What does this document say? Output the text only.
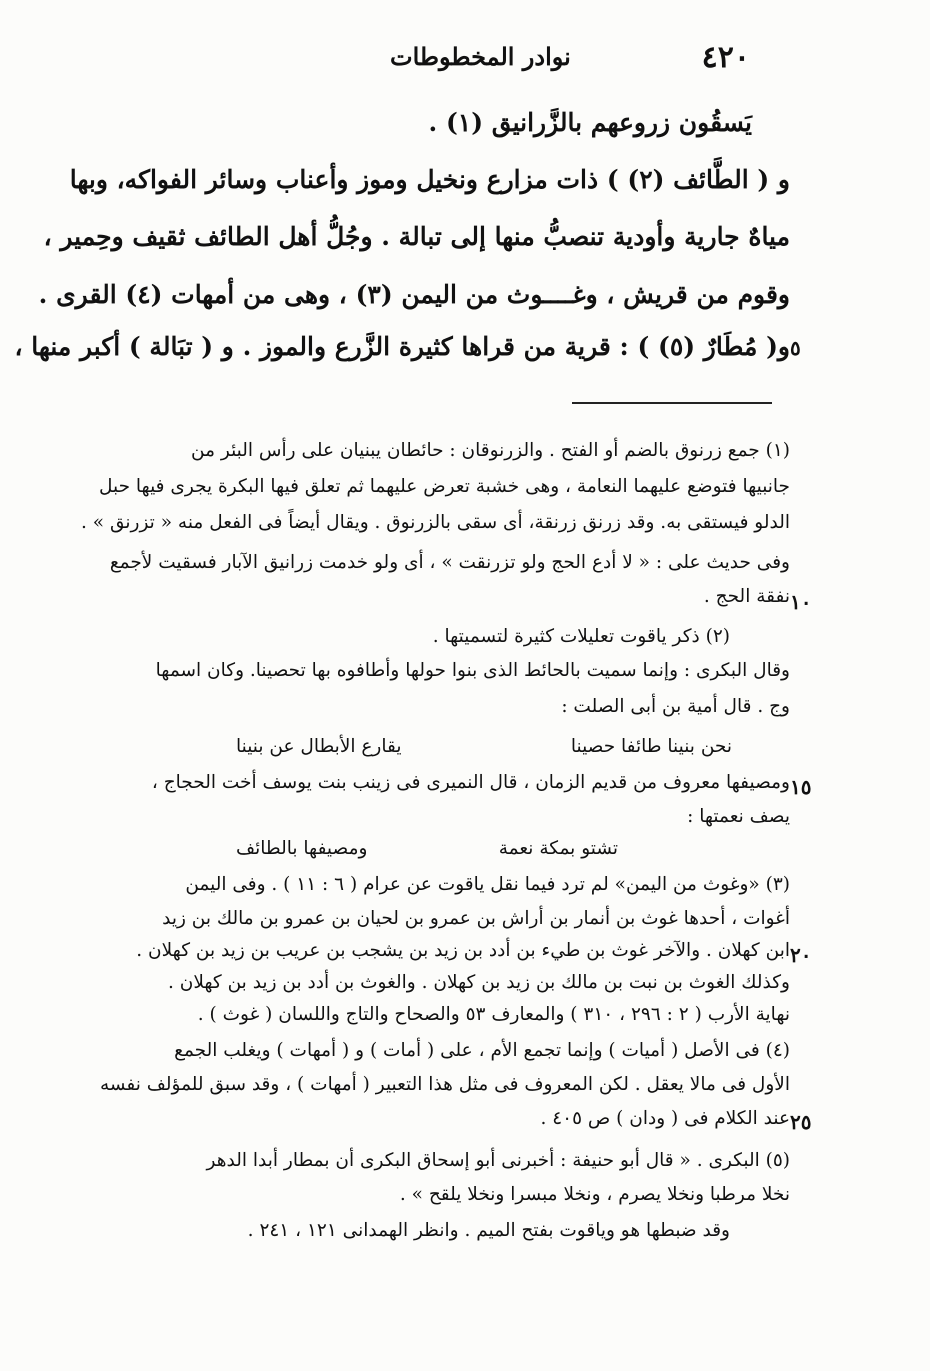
نوادر المخطوطات	٤٢٠
يَسقُون زروعهم بالزَّرانيق (١) .
و ( الطَّائف (٢) ) ذات مزارع ونخيل وموز وأعناب وسائر الفواكه، وبها
مياهٌ جارية وأودية تنصبُّ منها إلى تبالة . وجُلُّ أهل الطائف ثقيف وحِمير ،
وقوم من قريش ، وغــــوث من اليمن (٣) ، وهى من أمهات (٤) القرى .
و( مُطَارٌ (٥) ) : قرية من قراها كثيرة الزَّرع والموز . و ( تبَالة ) أكبر منها ، ٥
(١) جمع زرنوق بالضم أو الفتح . والزرنوقان : حائطان يبنيان على رأس البئر من
جانبيها فتوضع عليهما النعامة ، وهى خشبة تعرض عليهما ثم تعلق فيها البكرة يجرى فيها حبل
الدلو فيستقى به. وقد زرنق زرنقة، أى سقى بالزرنوق . ويقال أيضاً فى الفعل منه « تزرنق » .
وفى حديث على : « لا أدع الحج ولو تزرنقت » ، أى ولو خدمت زرانيق الآبار فسقيت لأجمع
نفقة الحج . ١٠
(٢) ذكر ياقوت تعليلات كثيرة لتسميتها .
وقال البكرى : وإنما سميت بالحائط الذى بنوا حولها وأطافوه بها تحصينا. وكان اسمها
وج . قال أمية بن أبى الصلت :
نحن بنينا طائفا حصينا
يقارع الأبطال عن بنينا
ومصيفها معروف من قديم الزمان ، قال النميرى فى زينب بنت يوسف أخت الحجاج ، ١٥
يصف نعمتها :
تشتو بمكة نعمة
ومصيفها بالطائف
(٣) «وغوث من اليمن» لم ترد فيما نقل ياقوت عن عرام ( ٦ : ١١ ) . وفى اليمن
أغوات ، أحدها غوث بن أنمار بن أراش بن عمرو بن لحيان بن عمرو بن مالك بن زيد
ابن كهلان . والآخر غوث بن طيء بن أدد بن زيد بن يشجب بن عريب بن زيد بن كهلان . ٢٠
وكذلك الغوث بن نبت بن مالك بن زيد بن كهلان . والغوث بن أدد بن زيد بن كهلان .
نهاية الأرب ( ٢ : ٢٩٦ ، ٣١٠ ) والمعارف ٥٣ والصحاح والتاج واللسان ( غوث ) .
(٤) فى الأصل ( أميات ) وإنما تجمع الأم ، على ( أمات ) و ( أمهات ) ويغلب الجمع
الأول فى مالا يعقل . لكن المعروف فى مثل هذا التعبير ( أمهات ) ، وقد سبق للمؤلف نفسه
عند الكلام فى ( ودان ) ص ٤٠٥ . ٢٥
(٥) البكرى . « قال أبو حنيفة : أخبرنى أبو إسحاق البكرى أن بمطار أبدا الدهر
نخلا مرطبا ونخلا يصرم ، ونخلا مبسرا ونخلا يلقح » .
وقد ضبطها هو وياقوت بفتح الميم . وانظر الهمدانى ١٢١ ، ٢٤١ .
